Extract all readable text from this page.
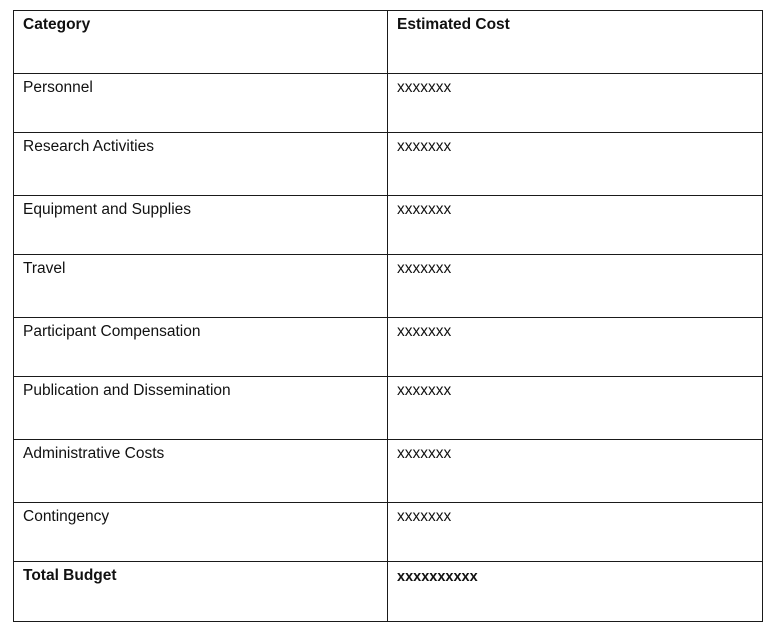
Category	Estimated Cost
Personnel	xxxxxxx
Research Activities	xxxxxxx
Equipment and Supplies	xxxxxxx
Travel	xxxxxxx
Participant Compensation	xxxxxxx
Publication and Dissemination	xxxxxxx
Administrative Costs	xxxxxxx
Contingency	xxxxxxx
Total Budget	xxxxxxxxxx
